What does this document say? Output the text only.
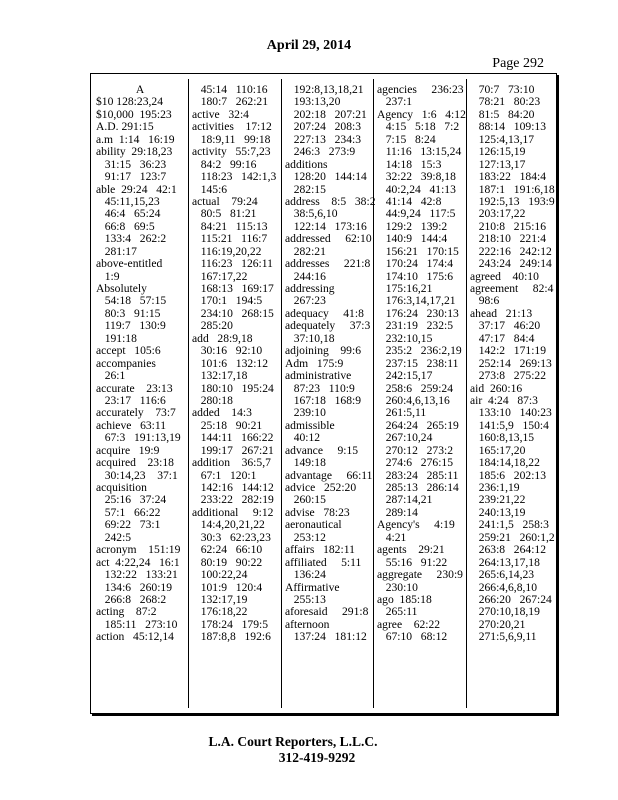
April 29, 2014
Page 292
A
$10 128:23,24
$10,000  195:23
A.D. 291:15
a.m  1:14   16:19
ability  29:18,23
31:15   36:23
91:17   123:7
able  29:24   42:1
45:11,15,23
46:4   65:24
66:8   69:5
133:4   262:2
281:17
above-entitled
1:9
Absolutely
54:18   57:15
80:3   91:15
119:7   130:9
191:18
accept   105:6
accompanies
26:1
accurate    23:13
23:17   116:6
accurately    73:7
achieve   63:11
67:3   191:13,19
acquire   19:9
acquired    23:18
30:14,23    37:1
acquisition
25:16   37:24
57:1   66:22
69:22   73:1
242:5
acronym    151:19
act  4:22,24   16:1
132:22   133:21
134:6   260:19
266:8   268:2
acting    87:2
185:11   273:10
action   45:12,14
45:14   110:16
180:7   262:21
active   32:4
activities    17:12
18:9,11   99:18
activity   55:7,23
84:2   99:16
118:23   142:1,3
145:6
actual    79:24
80:5   81:21
84:21   115:13
115:21   116:7
116:19,20,22
116:23   126:11
167:17,22
168:13   169:17
170:1   194:5
234:10   268:15
285:20
add   28:9,18
30:16   92:10
101:6   132:12
132:17,18
180:10   195:24
280:18
added    14:3
25:18   90:21
144:11   166:22
199:17   267:21
addition    36:5,7
67:1   120:1
142:16   144:12
233:22   282:19
additional     9:12
14:4,20,21,22
30:3   62:23,23
62:24   66:10
80:19   90:22
100:22,24
101:9   120:4
132:17,19
176:18,22
178:24   179:5
187:8,8   192:6
192:8,13,18,21
193:13,20
202:18   207:21
207:24   208:3
227:13   234:3
246:3   273:9
additions
128:20   144:14
282:15
address    8:5   38:2
38:5,6,10
122:14   173:16
addressed     62:10
282:21
addresses     221:8
244:16
addressing
267:23
adequacy     41:8
adequately     37:3
37:10,18
adjoining    99:6
Adm   175:9
administrative
87:23   110:9
167:18   168:9
239:10
admissible
40:12
advance     9:15
149:18
advantage     66:11
advice   252:20
260:15
advise   78:23
aeronautical
253:12
affairs   182:11
affiliated     5:11
136:24
Affirmative
255:13
aforesaid     291:8
afternoon
137:24   181:12
agencies     236:23
237:1
Agency   1:6   4:12
4:15   5:18   7:2
7:15   8:24
11:16   13:15,24
14:18   15:3
32:22   39:8,18
40:2,24   41:13
41:14   42:8
44:9,24   117:5
129:2   139:2
140:9   144:4
156:21   170:15
170:24   174:4
174:10   175:6
175:16,21
176:3,14,17,21
176:24   230:13
231:19   232:5
232:10,15
235:2   236:2,19
237:15   238:11
242:15,17
258:6   259:24
260:4,6,13,16
261:5,11
264:24   265:19
267:10,24
270:12   273:2
274:6   276:15
283:24   285:11
285:13   286:14
287:14,21
289:14
Agency's     4:19
4:21
agents    29:21
55:16   91:22
aggregate     230:9
230:10
ago  185:18
265:11
agree    62:22
67:10   68:12
70:7   73:10
78:21   80:23
81:5   84:20
88:14   109:13
125:4,13,17
126:15,19
127:13,17
183:22   184:4
187:1   191:6,18
192:5,13   193:9
203:17,22
210:8   215:16
218:10   221:4
222:16   242:12
243:24   249:14
agreed    40:10
agreement     82:4
98:6
ahead   21:13
37:17   46:20
47:17   84:4
142:2   171:19
252:14   269:13
273:8   275:22
aid  260:16
air  4:24   87:3
133:10   140:23
141:5,9   150:4
160:8,13,15
165:17,20
184:14,18,22
185:6   202:13
236:1,19
239:21,22
240:13,19
241:1,5   258:3
259:21   260:1,2
263:8   264:12
264:13,17,18
265:6,14,23
266:4,6,8,10
266:20   267:24
270:10,18,19
270:20,21
271:5,6,9,11
L.A. Court Reporters, L.L.C.
312-419-9292
